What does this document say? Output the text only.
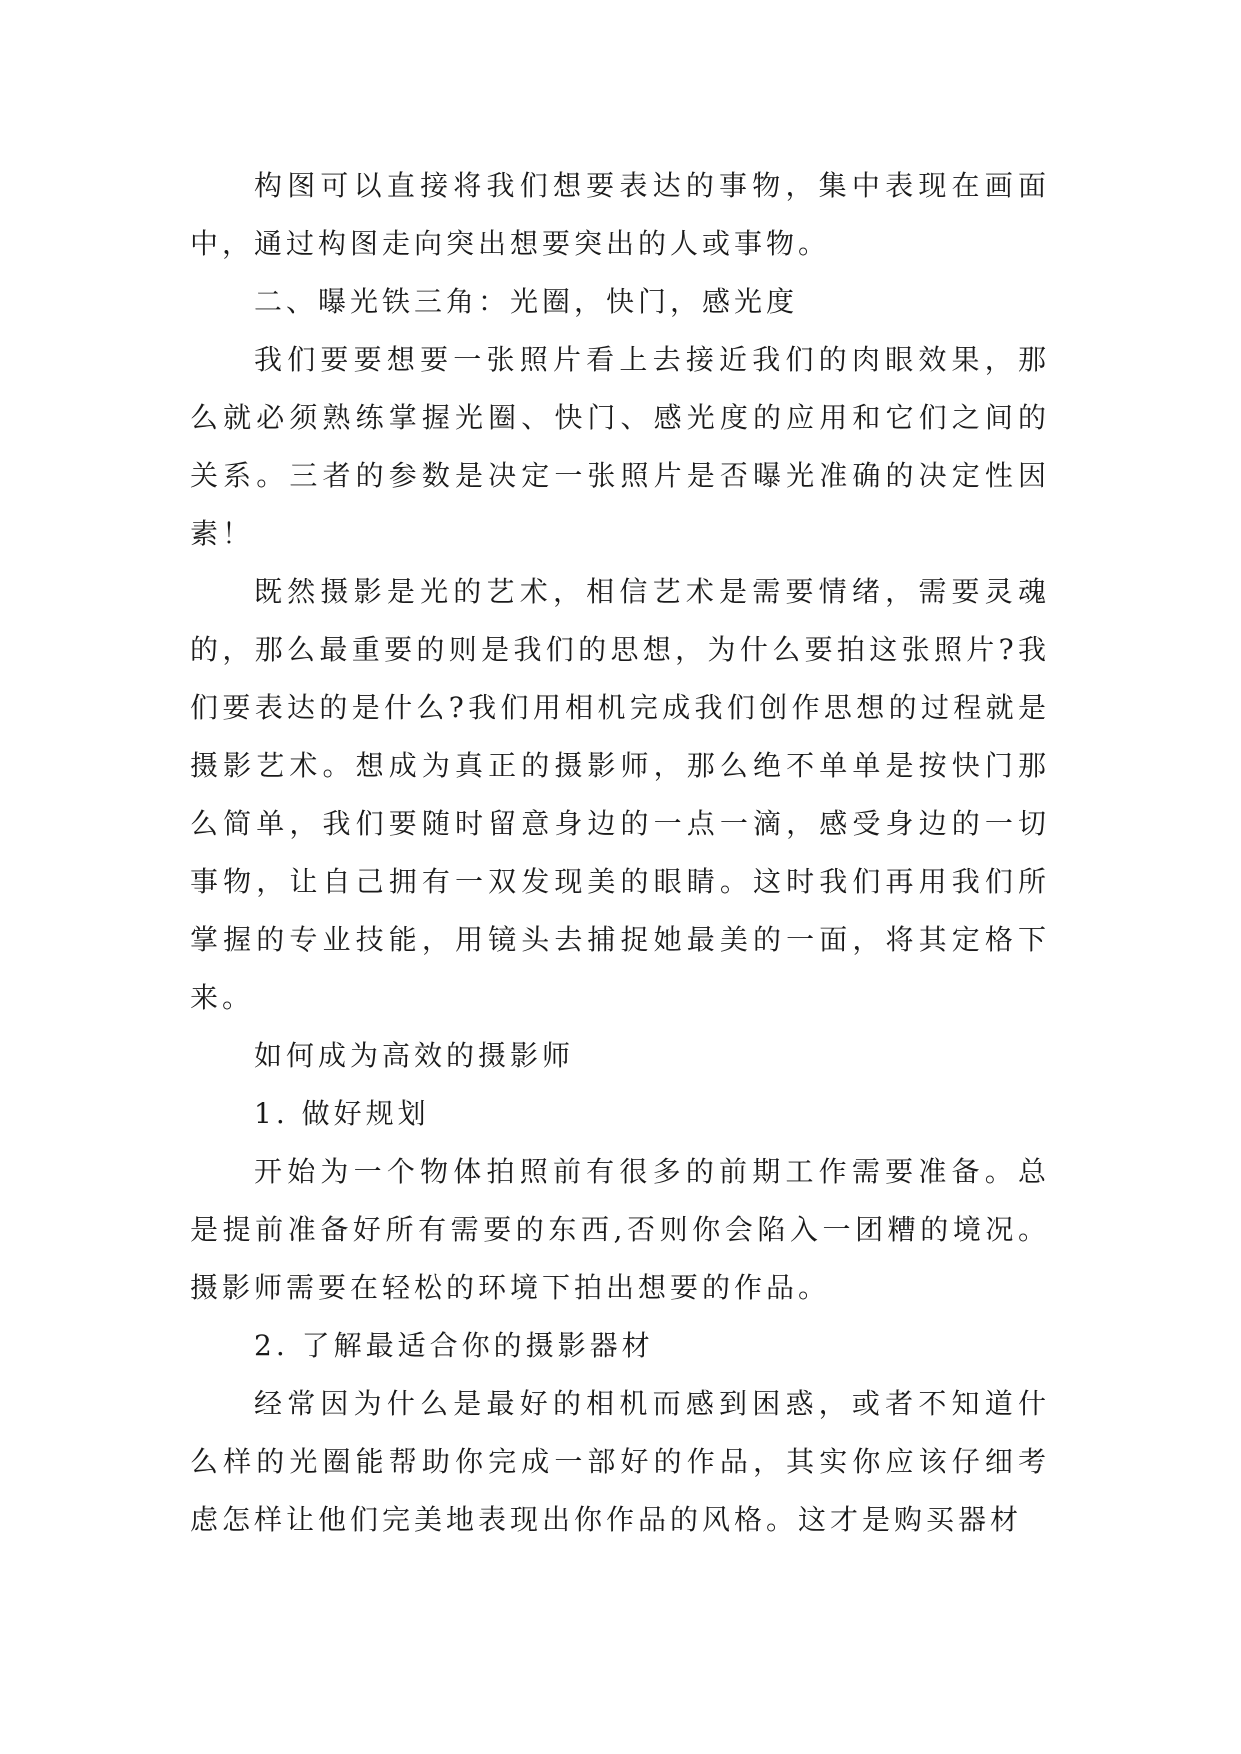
构图可以直接将我们想要表达的事物，集中表现在画面中，通过构图走向突出想要突出的人或事物。

二、曝光铁三角：光圈，快门，感光度

我们要要想要一张照片看上去接近我们的肉眼效果，那么就必须熟练掌握光圈、快门、感光度的应用和它们之间的关系。三者的参数是决定一张照片是否曝光准确的决定性因素！

既然摄影是光的艺术，相信艺术是需要情绪，需要灵魂的，那么最重要的则是我们的思想，为什么要拍这张照片?我们要表达的是什么?我们用相机完成我们创作思想的过程就是摄影艺术。想成为真正的摄影师，那么绝不单单是按快门那么简单，我们要随时留意身边的一点一滴，感受身边的一切事物，让自己拥有一双发现美的眼睛。这时我们再用我们所掌握的专业技能，用镜头去捕捉她最美的一面，将其定格下来。

如何成为高效的摄影师

1. 做好规划

开始为一个物体拍照前有很多的前期工作需要准备。总是提前准备好所有需要的东西,否则你会陷入一团糟的境况。摄影师需要在轻松的环境下拍出想要的作品。

2. 了解最适合你的摄影器材

经常因为什么是最好的相机而感到困惑，或者不知道什么样的光圈能帮助你完成一部好的作品，其实你应该仔细考虑怎样让他们完美地表现出你作品的风格。这才是购买器材
